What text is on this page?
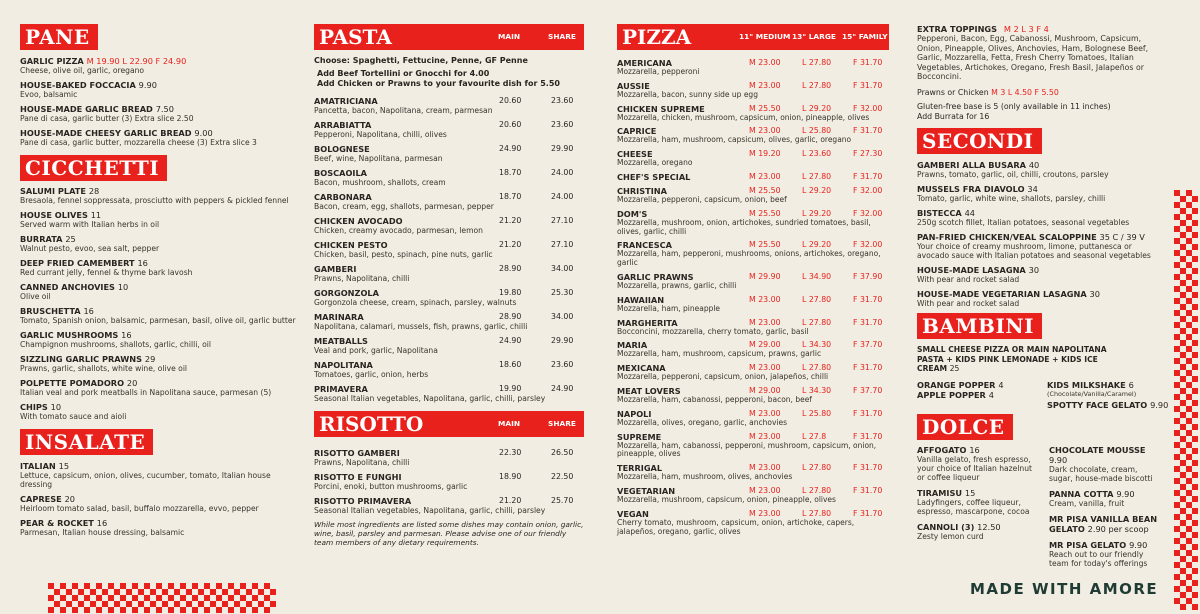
PANE
GARLIC PIZZA M 19.90 L 22.90 F 24.90
Cheese, olive oil, garlic, oregano
HOUSE-BAKED FOCCACIA 9.90
Evoo, balsamic
HOUSE-MADE GARLIC BREAD 7.50
Pane di casa, garlic butter (3) Extra slice 2.50
HOUSE-MADE CHEESY GARLIC BREAD 9.00
Pane di casa, garlic butter, mozzarella cheese (3) Extra slice 3
CICCHETTI
SALUMI PLATE 28
Bresaola, fennel soppressata, prosciutto with peppers & pickled fennel
HOUSE OLIVES 11
Served warm with Italian herbs in oil
BURRATA 25
Walnut pesto, evoo, sea salt, pepper
DEEP FRIED CAMEMBERT 16
Red currant jelly, fennel & thyme bark lavosh
CANNED ANCHOVIES 10
Olive oil
BRUSCHETTA 16
Tomato, Spanish onion, balsamic, parmesan, basil, olive oil, garlic butter
GARLIC MUSHROOMS 16
Champignon mushrooms, shallots, garlic, chilli, oil
SIZZLING GARLIC PRAWNS 29
Prawns, garlic, shallots, white wine, olive oil
POLPETTE POMADORO 20
Italian veal and pork meatballs in Napolitana sauce, parmesan (5)
CHIPS 10
With tomato sauce and aioli
INSALATE
ITALIAN 15
Lettuce, capsicum, onion, olives, cucumber, tomato, Italian house dressing
CAPRESE 20
Heirloom tomato salad, basil, buffalo mozzarella, evvo, pepper
PEAR & ROCKET 16
Parmesan, Italian house dressing, balsamic
PASTA	MAIN	SHARE
Choose: Spaghetti, Fettucine, Penne, GF Penne
Add Beef Tortellini or Gnocchi for 4.00
Add Chicken or Prawns to your favourite dish for 5.50
AMATRICIANA	20.60	23.60
Pancetta, bacon, Napolitana, cream, parmesan
ARRABIATTA	20.60	23.60
Pepperoni, Napolitana, chilli, olives
BOLOGNESE	24.90	29.90
Beef, wine, Napolitana, parmesan
BOSCAOILA	18.70	24.00
Bacon, mushroom, shallots, cream
CARBONARA	18.70	24.00
Bacon, cream, egg, shallots, parmesan, pepper
CHICKEN AVOCADO	21.20	27.10
Chicken, creamy avocado, parmesan, lemon
CHICKEN PESTO	21.20	27.10
Chicken, basil, pesto, spinach, pine nuts, garlic
GAMBERI	28.90	34.00
Prawns, Napolitana, chilli
GORGONZOLA	19.80	25.30
Gorgonzola cheese, cream, spinach, parsley, walnuts
MARINARA	28.90	34.00
Napolitana, calamari, mussels, fish, prawns, garlic, chilli
MEATBALLS	24.90	29.90
Veal and pork, garlic, Napolitana
NAPOLITANA	18.60	23.60
Tomatoes, garlic, onion, herbs
PRIMAVERA	19.90	24.90
Seasonal Italian vegetables, Napolitana, garlic, chilli, parsley
RISOTTO	MAIN	SHARE
RISOTTO GAMBERI	22.30	26.50
Prawns, Napolitana, chilli
RISOTTO E FUNGHI	18.90	22.50
Porcini, enoki, button mushrooms, garlic
RISOTTO PRIMAVERA	21.20	25.70
Seasonal Italian vegetables, Napolitana, garlic, chilli, parsley
While most ingredients are listed some dishes may contain onion, garlic, wine, basil, parsley and parmesan. Please advise one of our friendly team members of any dietary requirements.
PIZZA	11" MEDIUM 13" LARGE 15" FAMILY
AMERICANA	M 23.00	L 27.80	F 31.70
Mozzarella, pepperoni
AUSSIE	M 23.00	L 27.80	F 31.70
Mozzarella, bacon, sunny side up egg
CHICKEN SUPREME	M 25.50	L 29.20	F 32.00
Mozzarella, chicken, mushroom, capsicum, onion, pineapple, olives
CAPRICE	M 23.00	L 25.80	F 31.70
Mozzarella, ham, mushroom, capsicum, olives, garlic, oregano
CHEESE	M 19.20	L 23.60	F 27.30
Mozzarella, oregano
CHEF'S SPECIAL	M 23.00	L 27.80	F 31.70
CHRISTINA	M 25.50	L 29.20	F 32.00
Mozzarella, pepperoni, capsicum, onion, beef
DOM'S	M 25.50	L 29.20	F 32.00
Mozzarella, mushroom, onion, artichokes, sundried tomatoes, basil, olives, garlic, chilli
FRANCESCA	M 25.50	L 29.20	F 32.00
Mozzarella, ham, pepperoni, mushrooms, onions, artichokes, oregano, garlic
GARLIC PRAWNS	M 29.90	L 34.90	F 37.90
Mozzarella, prawns, garlic, chilli
HAWAIIAN	M 23.00	L 27.80	F 31.70
Mozzarella, ham, pineapple
MARGHERITA	M 23.00	L 27.80	F 31.70
Bocconcini, mozzarella, cherry tomato, garlic, basil
MARIA	M 29.00	L 34.30	F 37.70
Mozzarella, ham, mushroom, capsicum, prawns, garlic
MEXICANA	M 23.00	L 27.80	F 31.70
Mozzarella, pepperoni, capsicum, onion, jalapeños, chilli
MEAT LOVERS	M 29.00	L 34.30	F 37.70
Mozzarella, ham, cabanossi, pepperoni, bacon, beef
NAPOLI	M 23.00	L 25.80	F 31.70
Mozzarella, olives, oregano, garlic, anchovies
SUPREME	M 23.00	L 27.8	F 31.70
Mozzarella, ham, cabanossi, pepperoni, mushroom, capsicum, onion, pineapple, olives
TERRIGAL	M 23.00	L 27.80	F 31.70
Mozzarella, ham, mushroom, olives, anchovies
VEGETARIAN	M 23.00	L 27.80	F 31.70
Mozzarella, mushroom, capsicum, onion, pineapple, olives
VEGAN	M 23.00	L 27.80	F 31.70
Cherry tomato, mushroom, capsicum, onion, artichoke, capers, jalapeños, oregano, garlic, olives
EXTRA TOPPINGS M 2 L 3 F 4
Pepperoni, Bacon, Egg, Cabanossi, Mushroom, Capsicum, Onion, Pineapple, Olives, Anchovies, Ham, Bolognese Beef, Garlic, Mozzarella, Fetta, Fresh Cherry Tomatoes, Italian Vegetables, Artichokes, Oregano, Fresh Basil, Jalapeños or Bocconcini.
Prawns or Chicken M 3 L 4.50 F 5.50
Gluten-free base is 5 (only available in 11 inches)
Add Burrata for 16
SECONDI
GAMBERI ALLA BUSARA 40
Prawns, tomato, garlic, oil, chilli, croutons, parsley
MUSSELS FRA DIAVOLO 34
Tomato, garlic, white wine, shallots, parsley, chilli
BISTECCA 44
250g scotch fillet, Italian potatoes, seasonal vegetables
PAN-FRIED CHICKEN/VEAL SCALOPPINE 35 C / 39 V
Your choice of creamy mushroom, limone, puttanesca or avocado sauce with Italian potatoes and seasonal vegetables
HOUSE-MADE LASAGNA 30
With pear and rocket salad
HOUSE-MADE VEGETARIAN LASAGNA 30
With pear and rocket salad
BAMBINI
SMALL CHEESE PIZZA OR MAIN NAPOLITANA PASTA + KIDS PINK LEMONADE + KIDS ICE CREAM 25
ORANGE POPPER 4
APPLE POPPER 4
KIDS MILKSHAKE 6
(Chocolate/Vanilla/Caramel)
SPOTTY FACE GELATO 9.90
DOLCE
AFFOGATO 16
Vanilla gelato, fresh espresso, your choice of Italian hazelnut or coffee liqueur
TIRAMISU 15
Ladyfingers, coffee liqueur, espresso, mascarpone, cocoa
CANNOLI (3) 12.50
Zesty lemon curd
CHOCOLATE MOUSSE 9.90
Dark chocolate, cream, sugar, house-made biscotti
PANNA COTTA 9.90
Cream, vanilla, fruit
MR PISA VANILLA BEAN GELATO 2.90 per scoop
MR PISA GELATO 9.90
Reach out to our friendly team for today's offerings
MADE WITH AMORE
